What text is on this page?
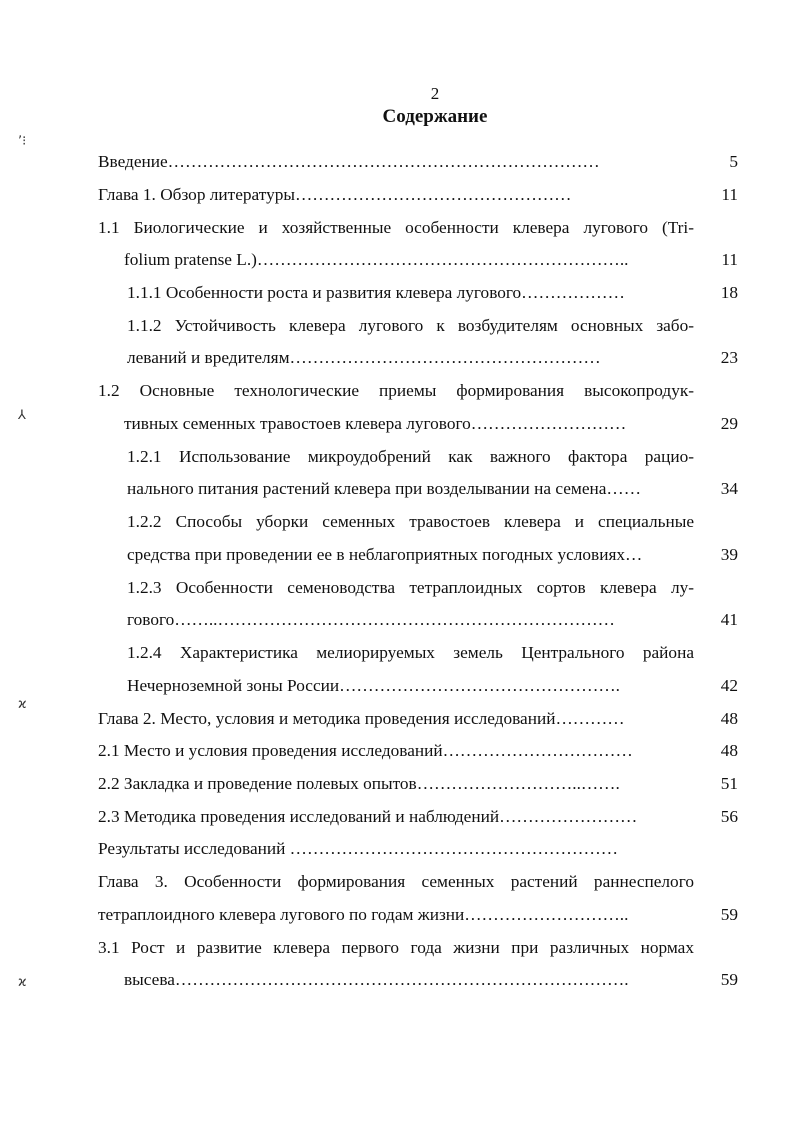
2
Содержание
ʼ⁝
⅄
ϰ
ϰ
Введение…………………………………………………………………	5
Глава 1. Обзор литературы…………………………………………	11
1.1 Биологические и хозяйственные особенности клевера лугового (Tri-
folium pratense L.)………………………………………………………..	11
1.1.1 Особенности роста и развития клевера лугового………………	18
1.1.2 Устойчивость клевера лугового к возбудителям основных забо-
леваний и вредителям………………………………………………	23
1.2 Основные технологические приемы формирования высокопродук-
тивных семенных травостоев клевера лугового………………………	29
1.2.1 Использование микроудобрений как важного фактора рацио-
нального питания растений клевера при возделывании на семена……	34
1.2.2 Способы уборки семенных травостоев клевера и специальные
средства при проведении ее в неблагоприятных погодных условиях…	39
1.2.3 Особенности семеноводства тетраплоидных сортов клевера лу-
гового……..……………………………………………………………	41
1.2.4 Характеристика мелиорируемых земель Центрального района
Нечерноземной зоны России………………………………………….	42
Глава 2. Место, условия и методика проведения исследований…………	48
2.1 Место и условия проведения исследований……………………………	48
2.2 Закладка и проведение полевых опытов………………………..…….	51
2.3 Методика проведения исследований и наблюдений……………………	56
Результаты исследований …………………………………………………
Глава 3. Особенности формирования семенных растений раннеспелого
тетраплоидного клевера лугового по годам жизни………………………..	59
3.1 Рост и развитие клевера первого года жизни при различных нормах
высева…………………………………………………………………….	59
